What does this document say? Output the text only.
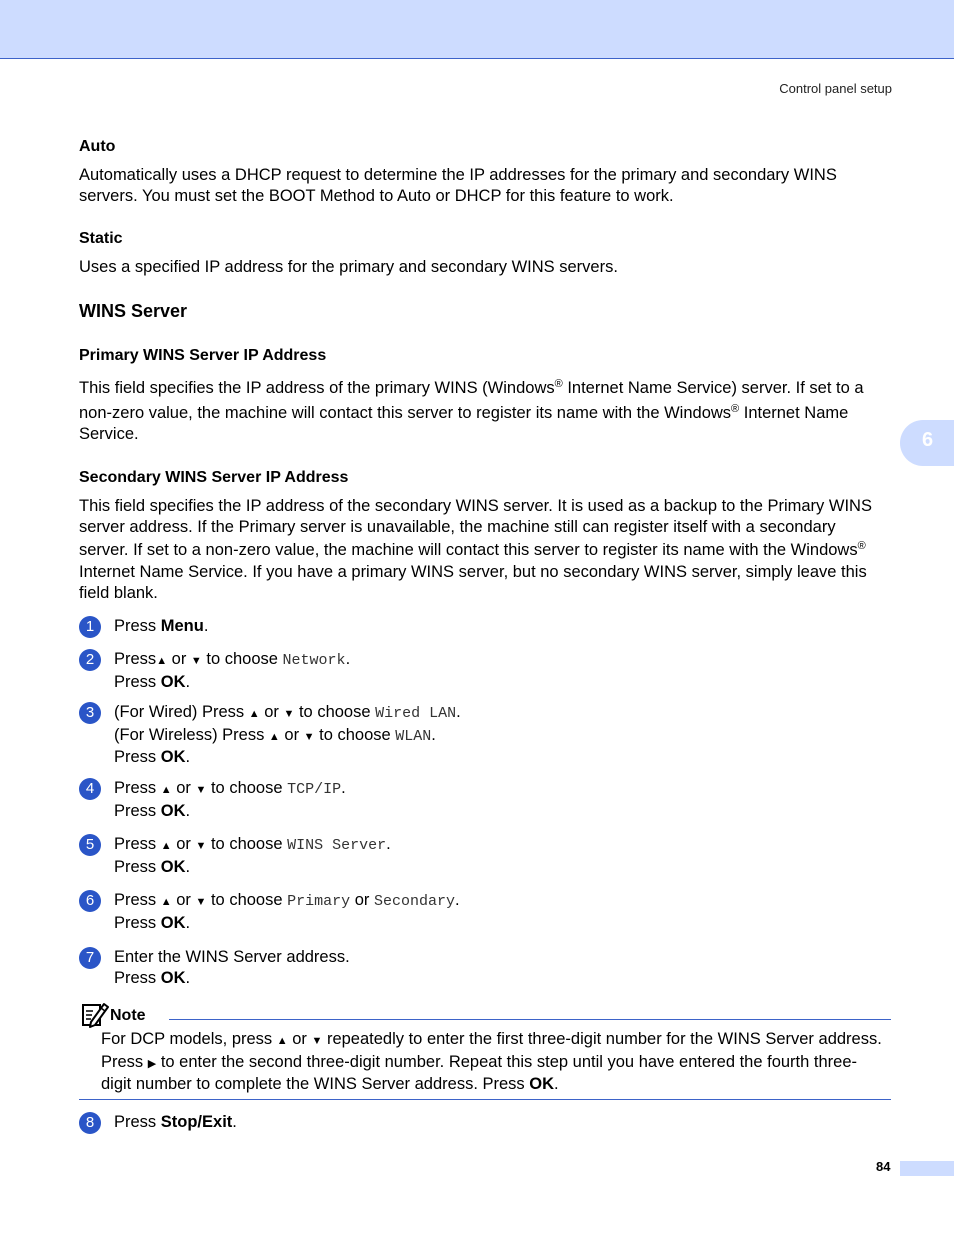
Control panel setup
6
Auto
Automatically uses a DHCP request to determine the IP addresses for the primary and secondary WINS
servers. You must set the BOOT Method to Auto or DHCP for this feature to work.
Static
Uses a specified IP address for the primary and secondary WINS servers.
WINS Server
Primary WINS Server IP Address
This field specifies the IP address of the primary WINS (Windows® Internet Name Service) server. If set to a
non-zero value, the machine will contact this server to register its name with the Windows® Internet Name
Service.
Secondary WINS Server IP Address
This field specifies the IP address of the secondary WINS server. It is used as a backup to the Primary WINS
server address. If the Primary server is unavailable, the machine still can register itself with a secondary
server. If set to a non-zero value, the machine will contact this server to register its name with the Windows®
Internet Name Service. If you have a primary WINS server, but no secondary WINS server, simply leave this
field blank.
1	Press Menu.
2	Press▲ or ▼ to choose Network.
Press OK.
3	(For Wired) Press ▲ or ▼ to choose Wired LAN.
(For Wireless) Press ▲ or ▼ to choose WLAN.
Press OK.
4	Press ▲ or ▼ to choose TCP/IP.
Press OK.
5	Press ▲ or ▼ to choose WINS Server.
Press OK.
6	Press ▲ or ▼ to choose Primary or Secondary.
Press OK.
7	Enter the WINS Server address.
Press OK.
Note
For DCP models, press ▲ or ▼ repeatedly to enter the first three-digit number for the WINS Server address.
Press ▶ to enter the second three-digit number. Repeat this step until you have entered the fourth three-
digit number to complete the WINS Server address. Press OK.
8	Press Stop/Exit.
84
